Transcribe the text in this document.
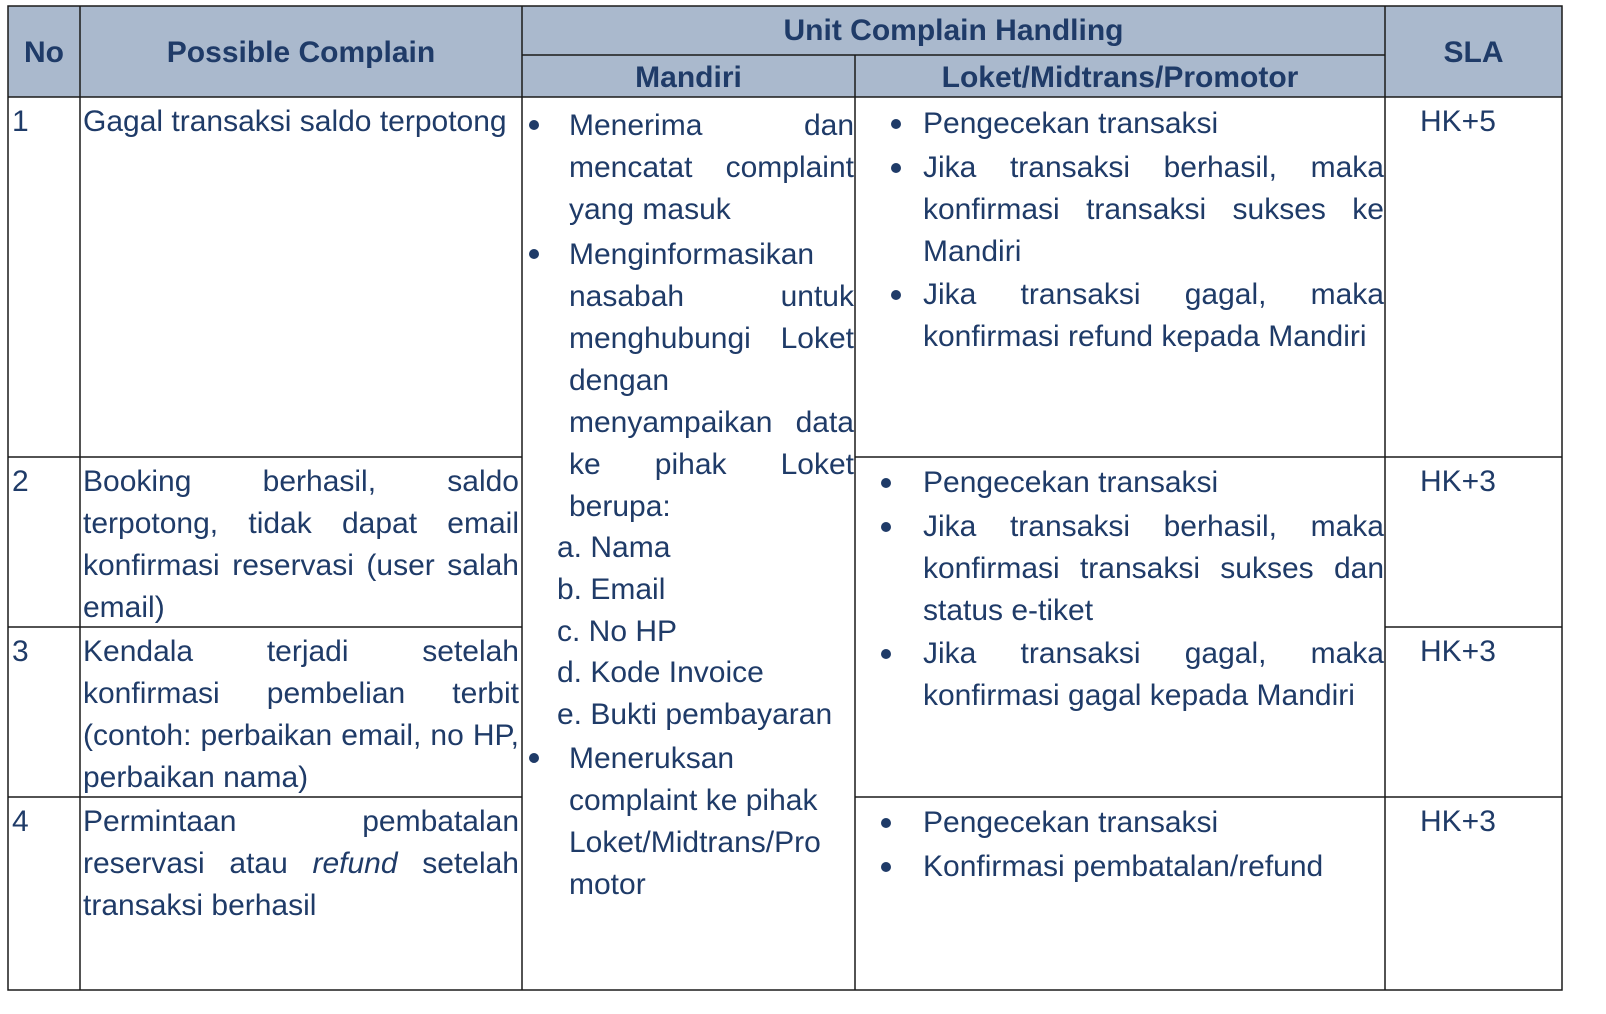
No	Possible Complain
Unit Complain Handling
Mandiri	Loket/Midtrans/Promotor
SLA
1
2
3
4
Gagal transaksi saldo terpotong
Booking berhasil, saldo terpotong, tidak dapat email konfirmasi reservasi (user salah email)
Kendala terjadi setelah konfirmasi pembelian terbit (contoh: perbaikan email, no HP, perbaikan nama)
Permintaan pembatalan reservasi atau refund setelah transaksi berhasil
HK+5
HK+3
HK+3
HK+3
Menerima dan mencatat complaint yang masuk
Menginformasikan nasabah untuk menghubungi Loket dengan menyampaikan data ke pihak Loket berupa:
a. Nama
b. Email
c. No HP
d. Kode Invoice
e. Bukti pembayaran
Meneruksan complaint ke pihak
Loket/Midtrans/Pro
motor
Pengecekan transaksi
Jika transaksi berhasil, maka konfirmasi transaksi sukses ke Mandiri
Jika transaksi gagal, maka konfirmasi refund kepada Mandiri
Pengecekan transaksi
Jika transaksi berhasil, maka konfirmasi transaksi sukses dan status e-tiket
Jika transaksi gagal, maka konfirmasi gagal kepada Mandiri
Pengecekan transaksi
Konfirmasi pembatalan/refund
